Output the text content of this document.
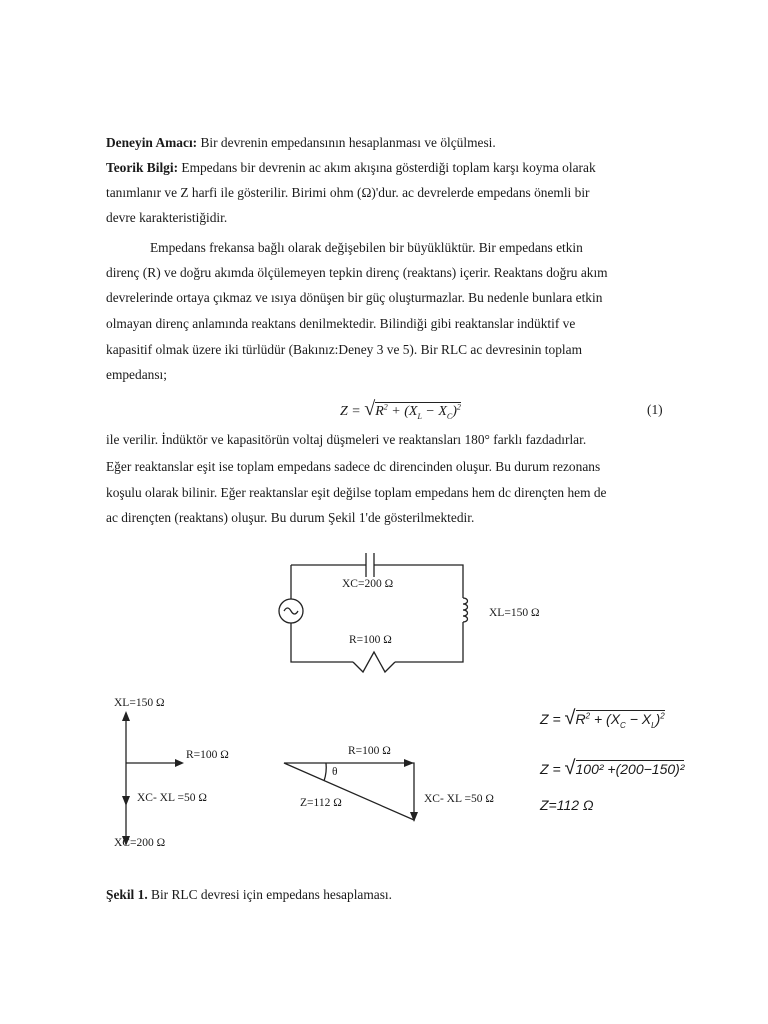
Deneyin Amacı: Bir devrenin empedansının hesaplanması ve ölçülmesi.
Teorik Bilgi: Empedans bir devrenin ac akım akışına gösterdiği toplam karşı koyma olarak
tanımlanır ve Z harfi ile gösterilir. Birimi ohm (Ω)'dur. ac devrelerde empedans önemli bir
devre karakteristiğidir.
Empedans frekansa bağlı olarak değişebilen bir büyüklüktür. Bir empedans etkin
direnç (R) ve doğru akımda ölçülemeyen tepkin direnç (reaktans) içerir. Reaktans doğru akım
devrelerinde ortaya çıkmaz ve ısıya dönüşen bir güç oluşturmazlar. Bu nedenle bunlara etkin
olmayan direnç anlamında reaktans denilmektedir. Bilindiği gibi reaktanslar indüktif ve
kapasitif olmak üzere iki türlüdür (Bakınız:Deney 3 ve 5). Bir RLC ac devresinin toplam
empedansı;
$Z = √R^2 + (X_L - X_C)^2$	(1)
ile verilir. İndüktör ve kapasitörün voltaj düşmeleri ve reaktansları 180° farklı fazdadırlar.
Eğer reaktanslar eşit ise toplam empedans sadece dc direncinden oluşur. Bu durum rezonans
koşulu olarak bilinir. Eğer reaktanslar eşit değilse toplam empedans hem dc dirençten hem de
ac dirençten (reaktans) oluşur. Bu durum Şekil 1'de gösterilmektedir.
XC=200 Ω
XL=150 Ω
R=100 Ω
XL=150 Ω
R=100 Ω
XC- XL =50 Ω
XC=200 Ω
R=100 Ω
θ
Z=112 Ω	XC- XL =50 Ω
$Z = √R^2 + (X_C - X_L)^2$
Z = √100² +(200−150)²
Z=112 Ω
Şekil 1. Bir RLC devresi için empedans hesaplaması.
